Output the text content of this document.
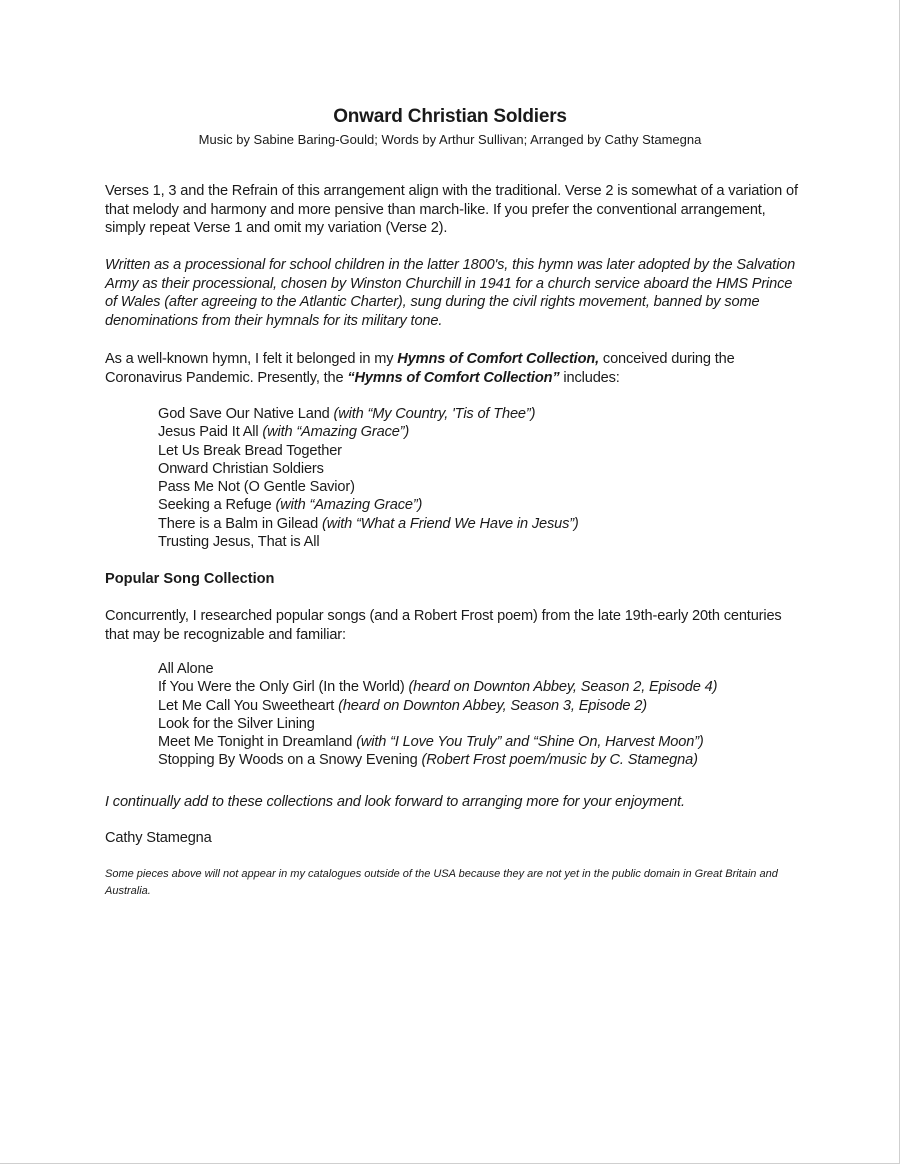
Onward Christian Soldiers
Music by Sabine Baring-Gould; Words by Arthur Sullivan; Arranged by Cathy Stamegna

Verses 1, 3 and the Refrain of this arrangement align with the traditional. Verse 2 is somewhat of a variation of that melody and harmony and more pensive than march-like. If you prefer the conventional arrangement, simply repeat Verse 1 and omit my variation (Verse 2).

Written as a processional for school children in the latter 1800's, this hymn was later adopted by the Salvation Army as their processional, chosen by Winston Churchill in 1941 for a church service aboard the HMS Prince of Wales (after agreeing to the Atlantic Charter), sung during the civil rights movement, banned by some denominations from their hymnals for its military tone.

As a well-known hymn, I felt it belonged in my Hymns of Comfort Collection, conceived during the Coronavirus Pandemic. Presently, the “Hymns of Comfort Collection” includes:

God Save Our Native Land (with “My Country, 'Tis of Thee”)
Jesus Paid It All (with “Amazing Grace”)
Let Us Break Bread Together
Onward Christian Soldiers
Pass Me Not (O Gentle Savior)
Seeking a Refuge (with “Amazing Grace”)
There is a Balm in Gilead (with “What a Friend We Have in Jesus”)
Trusting Jesus, That is All
Popular Song Collection

Concurrently, I researched popular songs (and a Robert Frost poem) from the late 19th-early 20th centuries that may be recognizable and familiar:

All Alone
If You Were the Only Girl (In the World) (heard on Downton Abbey, Season 2, Episode 4)
Let Me Call You Sweetheart (heard on Downton Abbey, Season 3, Episode 2)
Look for the Silver Lining
Meet Me Tonight in Dreamland (with “I Love You Truly” and “Shine On, Harvest Moon”)
Stopping By Woods on a Snowy Evening (Robert Frost poem/music by C. Stamegna)

I continually add to these collections and look forward to arranging more for your enjoyment.

Cathy Stamegna

Some pieces above will not appear in my catalogues outside of the USA because they are not yet in the public domain in Great Britain and Australia.
